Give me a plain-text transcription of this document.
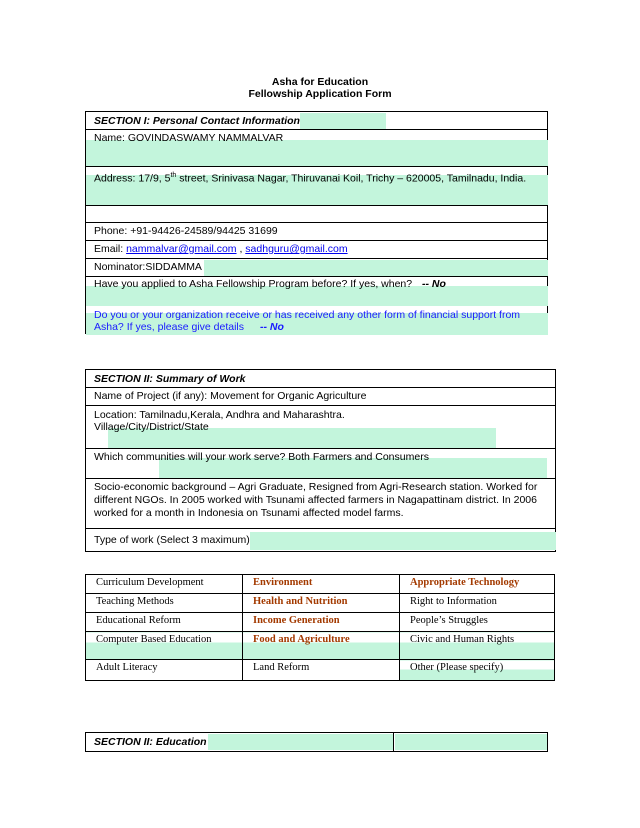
Asha for Education
Fellowship Application Form
SECTION I: Personal Contact Information
Name: GOVINDASWAMY NAMMALVAR
Address: 17/9, 5th street, Srinivasa Nagar, Thiruvanai Koil, Trichy – 620005, Tamilnadu, India.
Phone: +91-94426-24589/94425 31699
Email: nammalvar@gmail.com , sadhguru@gmail.com
Nominator:SIDDAMMA
Have you applied to Asha Fellowship Program before? If yes, when? -- No
Do you or your organization receive or has received any other form of financial support from
Asha? If yes, please give details -- No
SECTION II: Summary of Work
Name of Project (if any): Movement for Organic Agriculture
Location: Tamilnadu,Kerala, Andhra and Maharashtra.
Village/City/District/State
Which communities will your work serve? Both Farmers and Consumers
Socio-economic background – Agri Graduate, Resigned from Agri-Research station. Worked for
different NGOs. In 2005 worked with Tsunami affected farmers in Nagapattinam district. In 2006
worked for a month in Indonesia on Tsunami affected model farms.
Type of work (Select 3 maximum)
Curriculum Development	Environment	Appropriate Technology
Teaching Methods	Health and Nutrition	Right to Information
Educational Reform	Income Generation	People’s Struggles
Computer Based Education	Food and Agriculture	Civic and Human Rights
Adult Literacy	Land Reform	Other (Please specify)
SECTION II: Education
